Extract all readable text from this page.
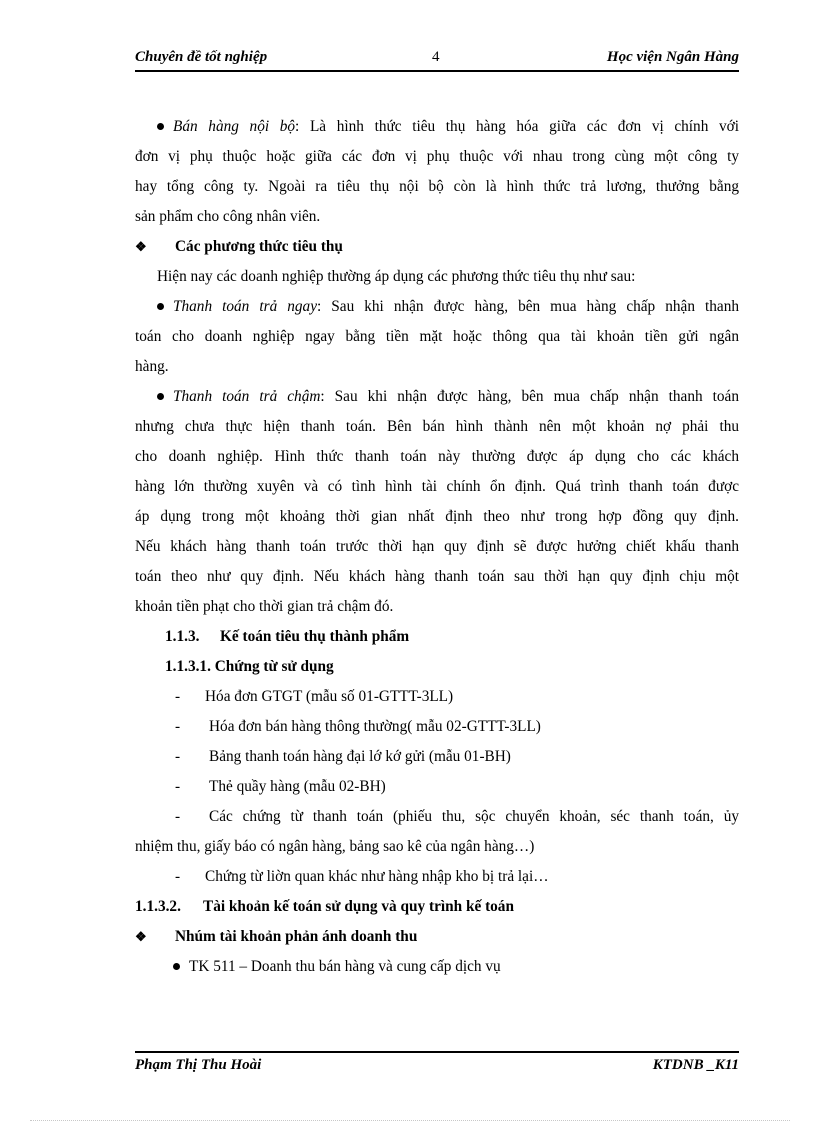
Chuyên đề tốt nghiệp	4	Học viện Ngân Hàng
Bán hàng nội bộ: Là hình thức tiêu thụ hàng hóa giữa các đơn vị chính với
đơn vị phụ thuộc hoặc giữa các đơn vị phụ thuộc với nhau trong cùng một công ty
hay tổng công ty. Ngoài ra tiêu thụ nội bộ còn là hình thức trả lương, thưởng bằng
sản phẩm cho công nhân viên.
❖ Các phương thức tiêu thụ
Hiện nay các doanh nghiệp thường áp dụng các phương thức tiêu thụ như sau:
Thanh toán trả ngay: Sau khi nhận được hàng, bên mua hàng chấp nhận thanh
toán cho doanh nghiệp ngay bằng tiền mặt hoặc thông qua tài khoản tiền gửi ngân
hàng.
Thanh toán trả chậm: Sau khi nhận được hàng, bên mua chấp nhận thanh toán
nhưng chưa thực hiện thanh toán. Bên bán hình thành nên một khoản nợ phải thu
cho doanh nghiệp. Hình thức thanh toán này thường được áp dụng cho các khách
hàng lớn thường xuyên và có tình hình tài chính ổn định. Quá trình thanh toán được
áp dụng trong một khoảng thời gian nhất định theo như trong hợp đồng quy định.
Nếu khách hàng thanh toán trước thời hạn quy định sẽ được hưởng chiết khấu thanh
toán theo như quy định. Nếu khách hàng thanh toán sau thời hạn quy định chịu một
khoản tiền phạt cho thời gian trả chậm đó.
1.1.3. Kế toán tiêu thụ thành phẩm
1.1.3.1. Chứng từ sử dụng
- Hóa đơn GTGT (mẫu số 01-GTTT-3LL)
- Hóa đơn bán hàng thông thường( mẫu 02-GTTT-3LL)
- Bảng thanh toán hàng đại lớ kớ gửi (mẫu 01-BH)
- Thẻ quầy hàng (mẫu 02-BH)
- Các chứng từ thanh toán (phiếu thu, sộc chuyển khoản, séc thanh toán, ủy
nhiệm thu, giấy báo có ngân hàng, bảng sao kê của ngân hàng…)
- Chứng từ liờn quan khác như hàng nhập kho bị trả lại…
1.1.3.2. Tài khoản kế toán sử dụng và quy trình kế toán
❖ Nhúm tài khoản phản ánh doanh thu
TK 511 – Doanh thu bán hàng và cung cấp dịch vụ
Phạm Thị Thu Hoài	KTDNB _K11
